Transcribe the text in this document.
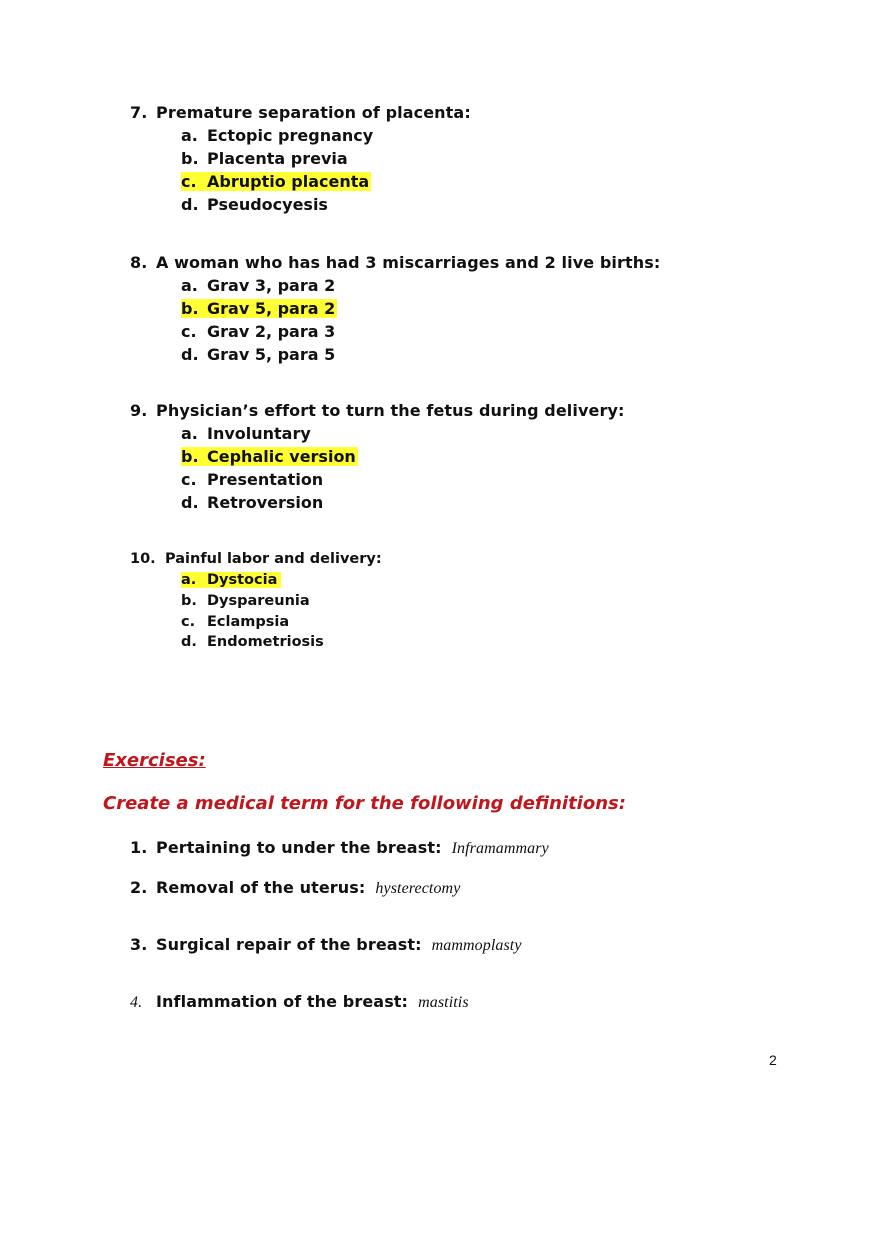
7. Premature separation of placenta:
a. Ectopic pregnancy
b. Placenta previa
c. Abruptio placenta
d. Pseudocyesis
8. A woman who has had 3 miscarriages and 2 live births:
a. Grav 3, para 2
b. Grav 5, para 2
c. Grav 2, para 3
d. Grav 5, para 5
9. Physician’s effort to turn the fetus during delivery:
a. Involuntary
b. Cephalic version
c. Presentation
d. Retroversion
10. Painful labor and delivery:
a. Dystocia
b. Dyspareunia
c. Eclampsia
d. Endometriosis
Exercises:
Create a medical term for the following definitions:
1. Pertaining to under the breast: Inframammary
2. Removal of the uterus: hysterectomy
3. Surgical repair of the breast: mammoplasty
4. Inflammation of the breast: mastitis
2
